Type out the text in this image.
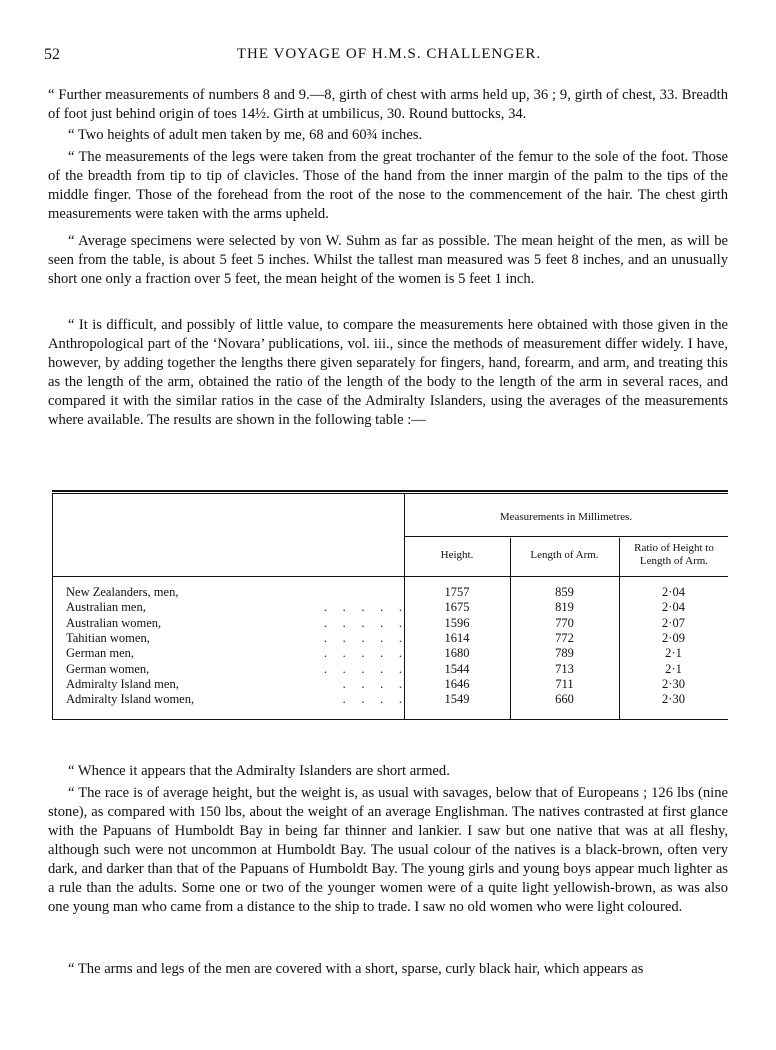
52	THE VOYAGE OF H.M.S. CHALLENGER.

“ Further measurements of numbers 8 and 9.—8, girth of chest with arms held up, 36 ; 9, girth of chest, 33. Breadth of foot just behind origin of toes 14½. Girth at umbilicus, 30. Round buttocks, 34.

“ Two heights of adult men taken by me, 68 and 60¾ inches.

“ The measurements of the legs were taken from the great trochanter of the femur to the sole of the foot. Those of the breadth from tip to tip of clavicles. Those of the hand from the inner margin of the palm to the tips of the middle finger. Those of the forehead from the root of the nose to the commencement of the hair. The chest girth measurements were taken with the arms upheld.

“ Average specimens were selected by von W. Suhm as far as possible. The mean height of the men, as will be seen from the table, is about 5 feet 5 inches. Whilst the tallest man measured was 5 feet 8 inches, and an unusually short one only a fraction over 5 feet, the mean height of the women is 5 feet 1 inch.

“ It is difficult, and possibly of little value, to compare the measurements here obtained with those given in the Anthropological part of the ‘Novara’ publications, vol. iii., since the methods of measurement differ widely. I have, however, by adding together the lengths there given separately for fingers, hand, forearm, and arm, and treating this as the length of the arm, obtained the ratio of the length of the body to the length of the arm in several races, and compared it with the similar ratios in the case of the Admiralty Islanders, using the averages of the measurements where available. The results are shown in the following table :—

Measurements in Millimetres.
Height.	Length of Arm.
Ratio of Height to Length of Arm.
New Zealanders, men,	1757	859	2·04
Australian men,	.     .     .     .     .	1675	819	2·04
Australian women,	.     .     .     .     .	1596	770	2·07
Tahitian women,	.     .     .     .     .	1614	772	2·09
German men,	.     .     .     .     .	1680	789	2·1
German women,	.     .     .     .     .	1544	713	2·1
Admiralty Island men,	.     .     .     .	1646	711	2·30
Admiralty Island women,	.     .     .     .	1549	660	2·30

“ Whence it appears that the Admiralty Islanders are short armed.

“ The race is of average height, but the weight is, as usual with savages, below that of Europeans ; 126 lbs (nine stone), as compared with 150 lbs, about the weight of an average Englishman. The natives contrasted at first glance with the Papuans of Humboldt Bay in being far thinner and lankier. I saw but one native that was at all fleshy, although such were not uncommon at Humboldt Bay. The usual colour of the natives is a black-brown, often very dark, and darker than that of the Papuans of Humboldt Bay. The young girls and young boys appear much lighter as a rule than the adults. Some one or two of the younger women were of a quite light yellowish-brown, as was also one young man who came from a distance to the ship to trade. I saw no old women who were light coloured.

“ The arms and legs of the men are covered with a short, sparse, curly black hair, which appears as
